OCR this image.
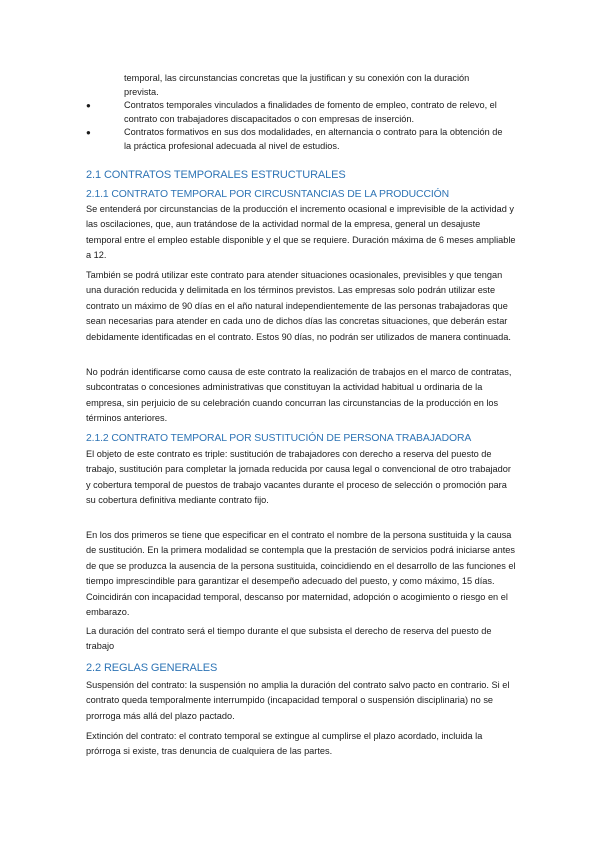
temporal, las circunstancias concretas que la justifican y su conexión con la duración prevista.
●	Contratos temporales vinculados a finalidades de fomento de empleo, contrato de relevo, el contrato con trabajadores discapacitados o con empresas de inserción.
●	Contratos formativos en sus dos modalidades, en alternancia o contrato para la obtención de la práctica profesional adecuada al nivel de estudios.
2.1 CONTRATOS TEMPORALES ESTRUCTURALES
2.1.1 CONTRATO TEMPORAL POR CIRCUSNTANCIAS DE LA PRODUCCIÓN

Se entenderá por circunstancias de la producción el incremento ocasional e imprevisible de la actividad y las oscilaciones, que, aun tratándose de la actividad normal de la empresa, general un desajuste temporal entre el empleo estable disponible y el que se requiere. Duración máxima de 6 meses ampliable a 12.

También se podrá utilizar este contrato para atender situaciones ocasionales, previsibles y que tengan una duración reducida y delimitada en los términos previstos. Las empresas solo podrán utilizar este contrato un máximo de 90 días en el año natural independientemente de las personas trabajadoras que sean necesarias para atender en cada uno de dichos días las concretas situaciones, que deberán estar debidamente identificadas en el contrato. Estos 90 días, no podrán ser utilizados de manera continuada.

No podrán identificarse como causa de este contrato la realización de trabajos en el marco de contratas, subcontratas o concesiones administrativas que constituyan la actividad habitual u ordinaria de la empresa, sin perjuicio de su celebración cuando concurran las circunstancias de la producción en los términos anteriores.

2.1.2 CONTRATO TEMPORAL POR SUSTITUCIÓN DE PERSONA TRABAJADORA

El objeto de este contrato es triple: sustitución de trabajadores con derecho a reserva del puesto de trabajo, sustitución para completar la jornada reducida por causa legal o convencional de otro trabajador y cobertura temporal de puestos de trabajo vacantes durante el proceso de selección o promoción para su cobertura definitiva mediante contrato fijo.

En los dos primeros se tiene que especificar en el contrato el nombre de la persona sustituida y la causa de sustitución. En la primera modalidad se contempla que la prestación de servicios podrá iniciarse antes de que se produzca la ausencia de la persona sustituida, coincidiendo en el desarrollo de las funciones el tiempo imprescindible para garantizar el desempeño adecuado del puesto, y como máximo, 15 días. Coincidirán con incapacidad temporal, descanso por maternidad, adopción o acogimiento o riesgo en el embarazo.

La duración del contrato será el tiempo durante el que subsista el derecho de reserva del puesto de trabajo

2.2 REGLAS GENERALES

Suspensión del contrato: la suspensión no amplia la duración del contrato salvo pacto en contrario. Si el contrato queda temporalmente interrumpido (incapacidad temporal o suspensión disciplinaria) no se prorroga más allá del plazo pactado.

Extinción del contrato: el contrato temporal se extingue al cumplirse el plazo acordado, incluida la prórroga si existe, tras denuncia de cualquiera de las partes.
